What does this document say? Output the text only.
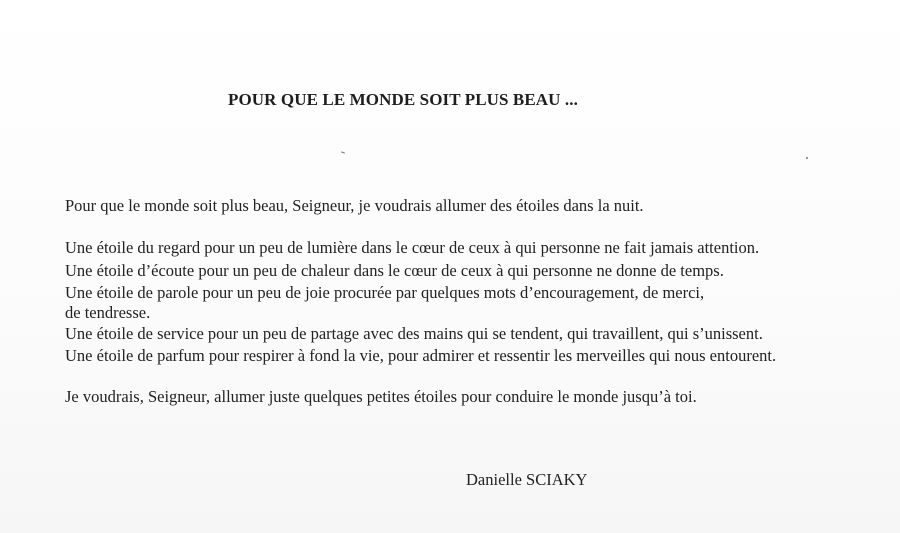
POUR QUE LE MONDE SOIT PLUS BEAU ...
Pour que le monde soit plus beau, Seigneur, je voudrais allumer des étoiles dans la nuit.
Une étoile du regard pour un peu de lumière dans le cœur de ceux à qui personne ne fait jamais attention.
Une étoile d’écoute pour un peu de chaleur dans le cœur de ceux à qui personne ne donne de temps.
Une étoile de parole pour un peu de joie procurée par quelques mots d’encouragement, de merci,
de tendresse.
Une étoile de service pour un peu de partage avec des mains qui se tendent, qui travaillent, qui s’unissent.
Une étoile de parfum pour respirer à fond la vie, pour admirer et ressentir les merveilles qui nous entourent.
Je voudrais, Seigneur, allumer juste quelques petites étoiles pour conduire le monde jusqu’à toi.
Danielle SCIAKY
